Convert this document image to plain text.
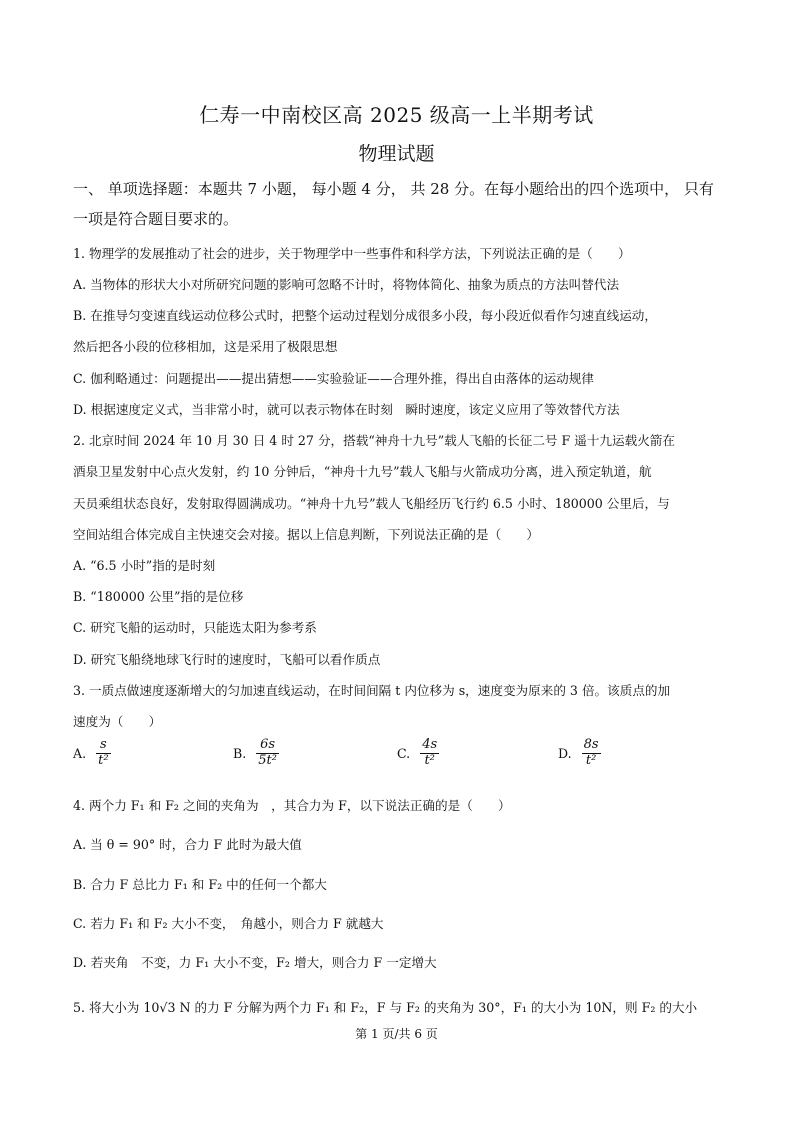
仁寿一中南校区高 2025 级高一上半期考试
物理试题
一、 单项选择题：本题共 7 小题， 每小题 4 分， 共 28 分。在每小题给出的四个选项中， 只有
一项是符合题目要求的。
1. 物理学的发展推动了社会的进步，关于物理学中一些事件和科学方法，下列说法正确的是（　　）
A. 当物体的形状大小对所研究问题的影响可忽略不计时，将物体简化、抽象为质点的方法叫替代法
B. 在推导匀变速直线运动位移公式时，把整个运动过程划分成很多小段，每小段近似看作匀速直线运动，
然后把各小段的位移相加，这是采用了极限思想
C. 伽利略通过：问题提出——提出猜想——实验验证——合理外推，得出自由落体的运动规律
D. 根据速度定义式，当非常小时，就可以表示物体在时刻　瞬时速度，该定义应用了等效替代方法
2. 北京时间 2024 年 10 月 30 日 4 时 27 分，搭载“神舟十九号”载人飞船的长征二号 F 遥十九运载火箭在
酒泉卫星发射中心点火发射，约 10 分钟后，“神舟十九号”载人飞船与火箭成功分离，进入预定轨道，航
天员乘组状态良好，发射取得圆满成功。“神舟十九号”载人飞船经历飞行约 6.5 小时、180000 公里后，与
空间站组合体完成自主快速交会对接。据以上信息判断，下列说法正确的是（　　）
A. “6.5 小时”指的是时刻
B. “180000 公里”指的是位移
C. 研究飞船的运动时，只能选太阳为参考系
D. 研究飞船绕地球飞行时的速度时，飞船可以看作质点
3. 一质点做速度逐渐增大的匀加速直线运动，在时间间隔 t 内位移为 s，速度变为原来的 3 倍。该质点的加
速度为（　　）
A. $\frac{s}{\text{t²}}$	B. $\frac{6s}{\text{5t²}}$	C. $\frac{4s}{\text{t²}}$	D. $\frac{8s}{\text{t²}}$
4. 两个力 F₁ 和 F₂ 之间的夹角为　，其合力为 F，以下说法正确的是（　　）
A. 当 θ = 90° 时，合力 F 此时为最大值
B. 合力 F 总比力 F₁ 和 F₂ 中的任何一个都大
C. 若力 F₁ 和 F₂ 大小不变，　角越小，则合力 F 就越大
D. 若夹角　不变，力 F₁ 大小不变，F₂ 增大，则合力 F 一定增大
5. 将大小为 10√3 N 的力 F 分解为两个力 F₁ 和 F₂，F 与 F₂ 的夹角为 30°，F₁ 的大小为 10N，则 F₂ 的大小
第 1 页/共 6 页
